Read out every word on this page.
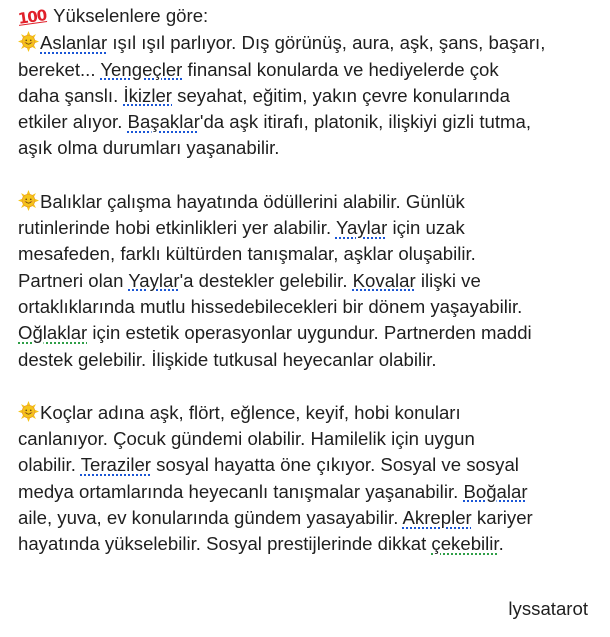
100 Yükselenlere göre:
Aslanlar ışıl ışıl parlıyor. Dış görünüş, aura, aşk, şans, başarı,
bereket... Yengeçler finansal konularda ve hediyelerde çok
daha şanslı. İkizler seyahat, eğitim, yakın çevre konularında
etkiler alıyor. Başaklar'da aşk itirafı, platonik, ilişkiyi gizli tutma,
aşık olma durumları yaşanabilir.

Balıklar çalışma hayatında ödüllerini alabilir. Günlük
rutinlerinde hobi etkinlikleri yer alabilir. Yaylar için uzak
mesafeden, farklı kültürden tanışmalar, aşklar oluşabilir.
Partneri olan Yaylar'a destekler gelebilir. Kovalar ilişki ve
ortaklıklarında mutlu hissedebilecekleri bir dönem yaşayabilir.
Oğlaklar için estetik operasyonlar uygundur. Partnerden maddi
destek gelebilir. İlişkide tutkusal heyecanlar olabilir.

Koçlar adına aşk, flört, eğlence, keyif, hobi konuları
canlanıyor. Çocuk gündemi olabilir. Hamilelik için uygun
olabilir. Teraziler sosyal hayatta öne çıkıyor. Sosyal ve sosyal
medya ortamlarında heyecanlı tanışmalar yaşanabilir. Boğalar
aile, yuva, ev konularında gündem yasayabilir. Akrepler kariyer
hayatında yükselebilir. Sosyal prestijlerinde dikkat çekebilir.

lyssatarot
